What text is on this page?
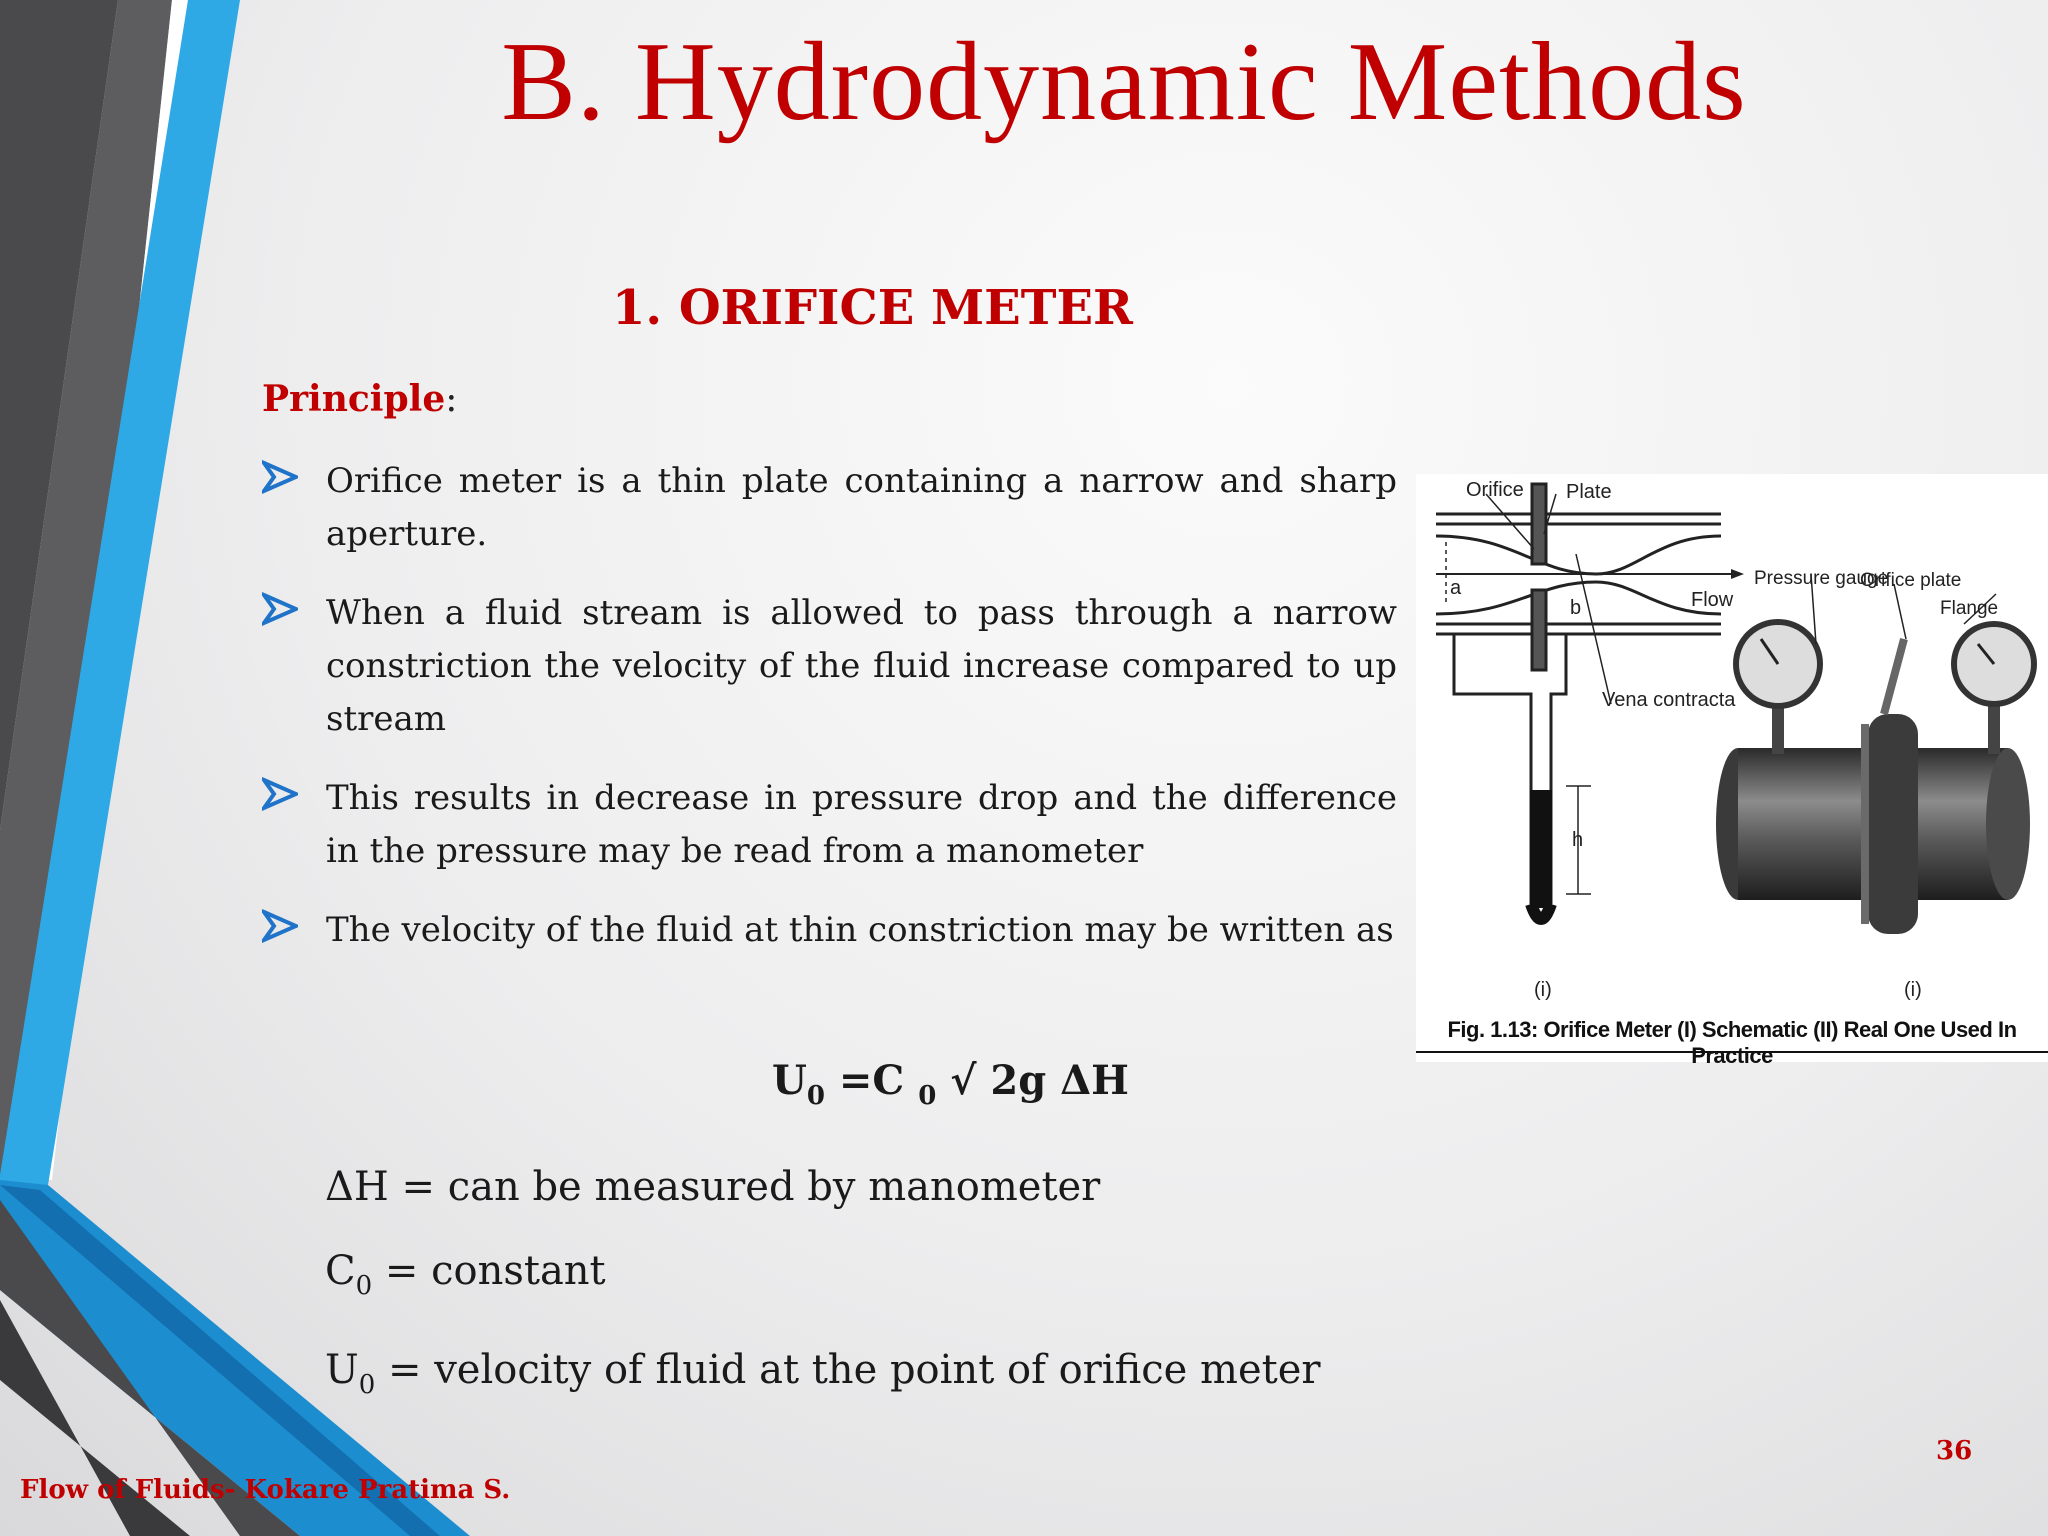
B. Hydrodynamic Methods
1. ORIFICE METER
Principle:

Orifice meter is a thin plate containing a narrow and sharp aperture.

When a fluid stream is allowed to pass through a narrow constriction the velocity of the fluid increase compared to up stream

This results in decrease in pressure drop and the difference in the pressure may be read from a manometer

The velocity of the fluid at thin constriction may be written as

$U_0 =C$ $_0$ √ 2g ΔH

ΔH = can be measured by manometer

$C_0$ = constant

$U_0$ = velocity of fluid at the point of orifice meter

Orifice Plate
Flow
a
b
Vena contracta
h
Pressure gauge
Orifice plate
Flange
(i)	(i)
Fig. 1.13: Orifice Meter (I) Schematic (II) Real One Used In Practice
Flow of Fluids- Kokare Pratima S.
36
